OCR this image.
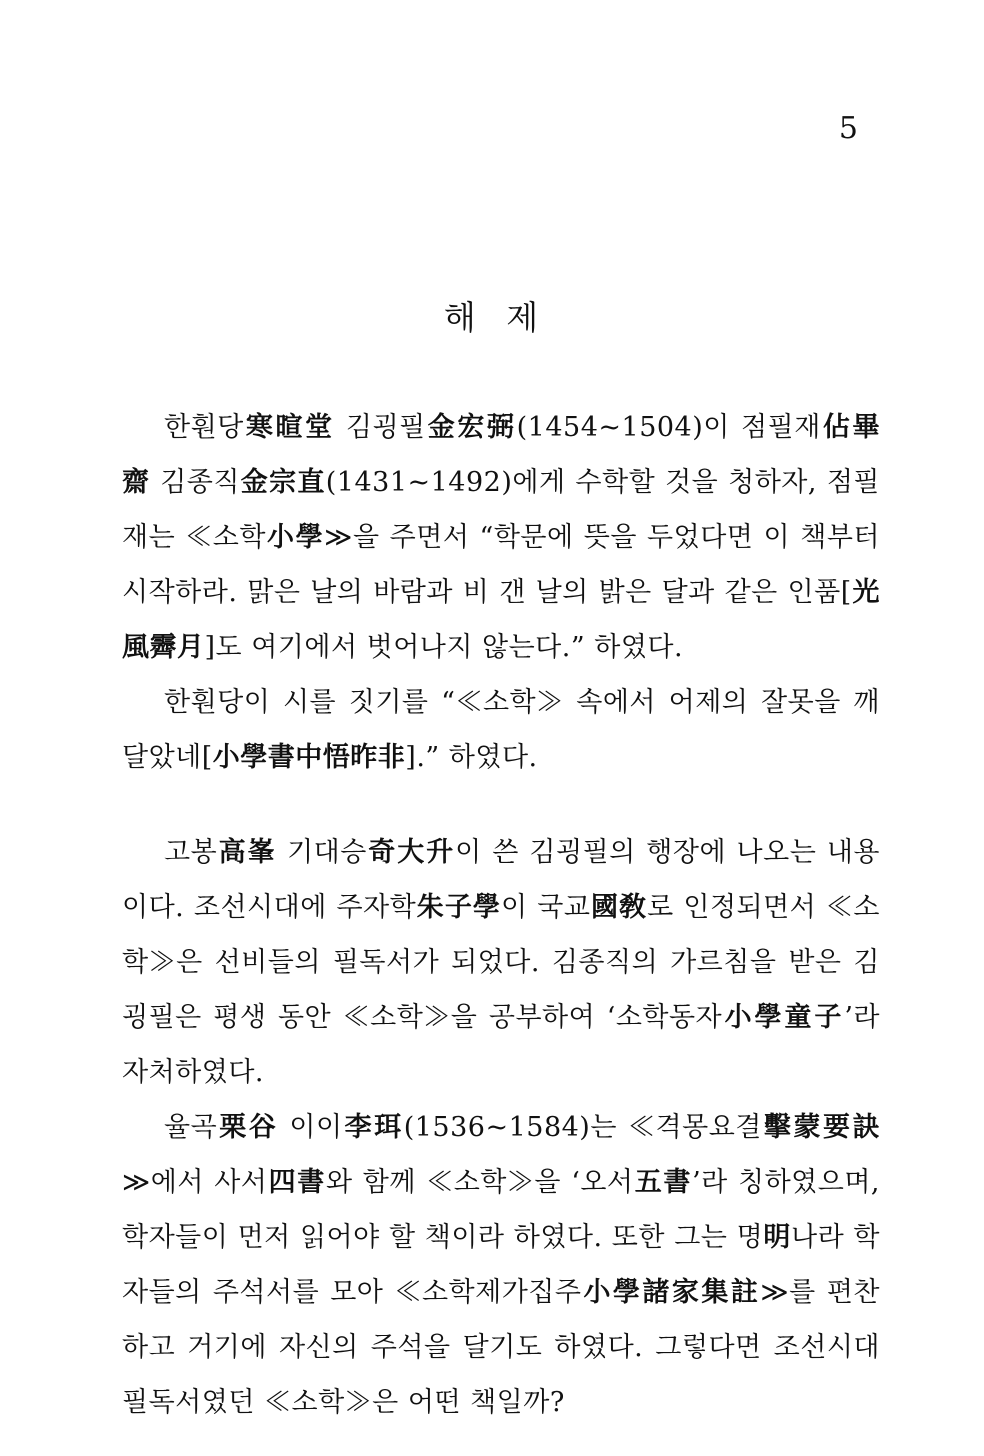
5
해 제

한훤당寒暄堂 김굉필金宏弼(1454~1504)이 점필재佔畢齋 김종직金宗直(1431~1492)에게 수학할 것을 청하자, 점필재는 ≪소학小學≫을 주면서 “학문에 뜻을 두었다면 이 책부터 시작하라. 맑은 날의 바람과 비 갠 날의 밝은 달과 같은 인품[光風霽月]도 여기에서 벗어나지 않는다.” 하였다.

한훤당이 시를 짓기를 “≪소학≫ 속에서 어제의 잘못을 깨달았네[小學書中悟昨非].” 하였다.

고봉高峯 기대승奇大升이 쓴 김굉필의 행장에 나오는 내용이다. 조선시대에 주자학朱子學이 국교國敎로 인정되면서 ≪소학≫은 선비들의 필독서가 되었다. 김종직의 가르침을 받은 김굉필은 평생 동안 ≪소학≫을 공부하여 ‘소학동자小學童子’라 자처하였다.

율곡栗谷 이이李珥(1536~1584)는 ≪격몽요결擊蒙要訣≫에서 사서四書와 함께 ≪소학≫을 ‘오서五書’라 칭하였으며, 학자들이 먼저 읽어야 할 책이라 하였다. 또한 그는 명明나라 학자들의 주석서를 모아 ≪소학제가집주小學諸家集註≫를 편찬하고 거기에 자신의 주석을 달기도 하였다. 그렇다면 조선시대 필독서였던 ≪소학≫은 어떤 책일까?
